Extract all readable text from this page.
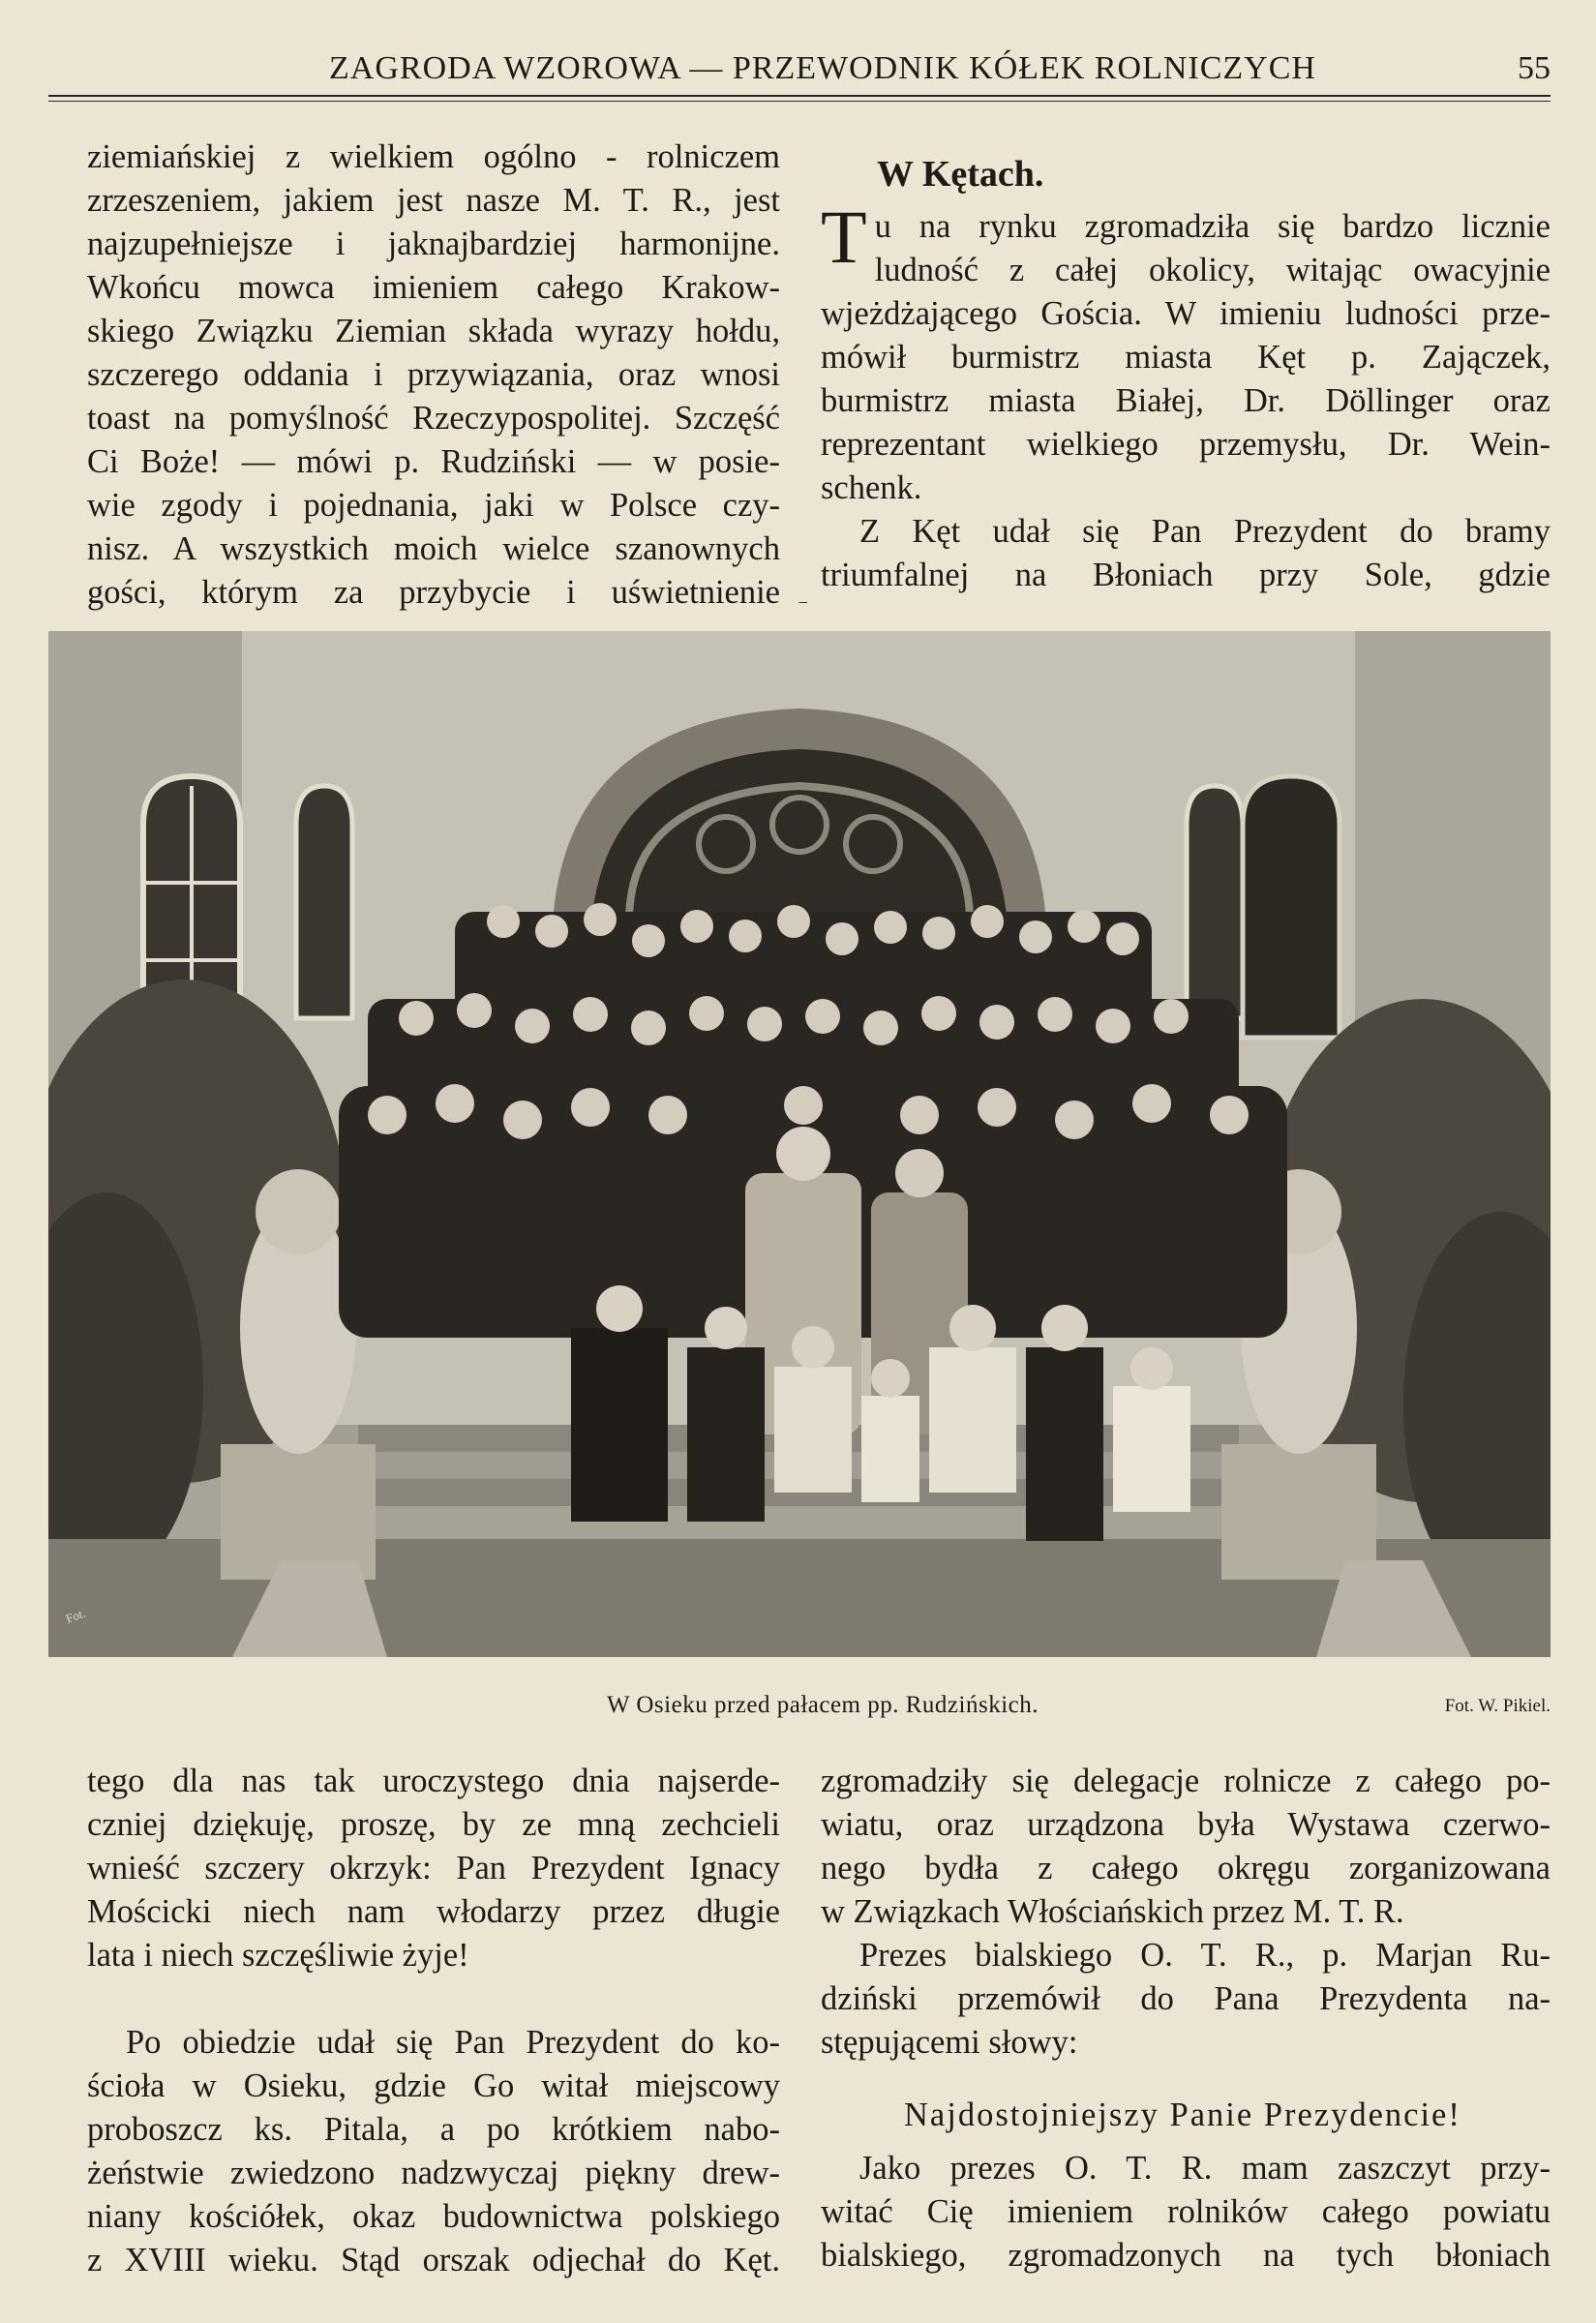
ZAGRODA WZOROWA — PRZEWODNIK KÓŁEK ROLNICZYCH	55

ziemiańskiej z wielkiem ogólno - rolniczem

zrzeszeniem, jakiem jest nasze M. T. R., jest

najzupełniejsze i jaknajbardziej harmonijne.

Wkońcu mowca imieniem całego Krakow-

skiego Związku Ziemian składa wyrazy hołdu,

szczerego oddania i przywiązania, oraz wnosi

toast na pomyślność Rzeczypospolitej. Szczęść

Ci Boże! — mówi p. Rudziński — w posie-

wie zgody i pojednania, jaki w Polsce czy-

nisz. A wszystkich moich wielce szanownych

gości, którym za przybycie i uświetnienie

W Kętach.
T u na rynku zgromadziła się bardzo licznie

ludność z całej okolicy, witając owacyjnie

wjeżdżającego Gościa. W imieniu ludności prze-

mówił burmistrz miasta Kęt p. Zajączek,

burmistrz miasta Białej, Dr. Döllinger oraz

reprezentant wielkiego przemysłu, Dr. Wein-

schenk.

Z Kęt udał się Pan Prezydent do bramy

triumfalnej na Błoniach przy Sole, gdzie

‾
Fot.
W Osieku przed pałacem pp. Rudzińskich.	Fot. W. Pikiel.

tego dla nas tak uroczystego dnia najserde-

czniej dziękuję, proszę, by ze mną zechcieli

wnieść szczery okrzyk: Pan Prezydent Ignacy

Mościcki niech nam włodarzy przez długie

lata i niech szczęśliwie żyje!

Po obiedzie udał się Pan Prezydent do ko-

ścioła w Osieku, gdzie Go witał miejscowy

proboszcz ks. Pitala, a po krótkiem nabo-

żeństwie zwiedzono nadzwyczaj piękny drew-

niany kościółek, okaz budownictwa polskiego

z XVIII wieku. Stąd orszak odjechał do Kęt.

zgromadziły się delegacje rolnicze z całego po-

wiatu, oraz urządzona była Wystawa czerwo-

nego bydła z całego okręgu zorganizowana

w Związkach Włościańskich przez M. T. R.

Prezes bialskiego O. T. R., p. Marjan Ru-

dziński przemówił do Pana Prezydenta na-

stępującemi słowy:

Najdostojniejszy Panie Prezydencie!

Jako prezes O. T. R. mam zaszczyt przy-

witać Cię imieniem rolników całego powiatu

bialskiego, zgromadzonych na tych błoniach
